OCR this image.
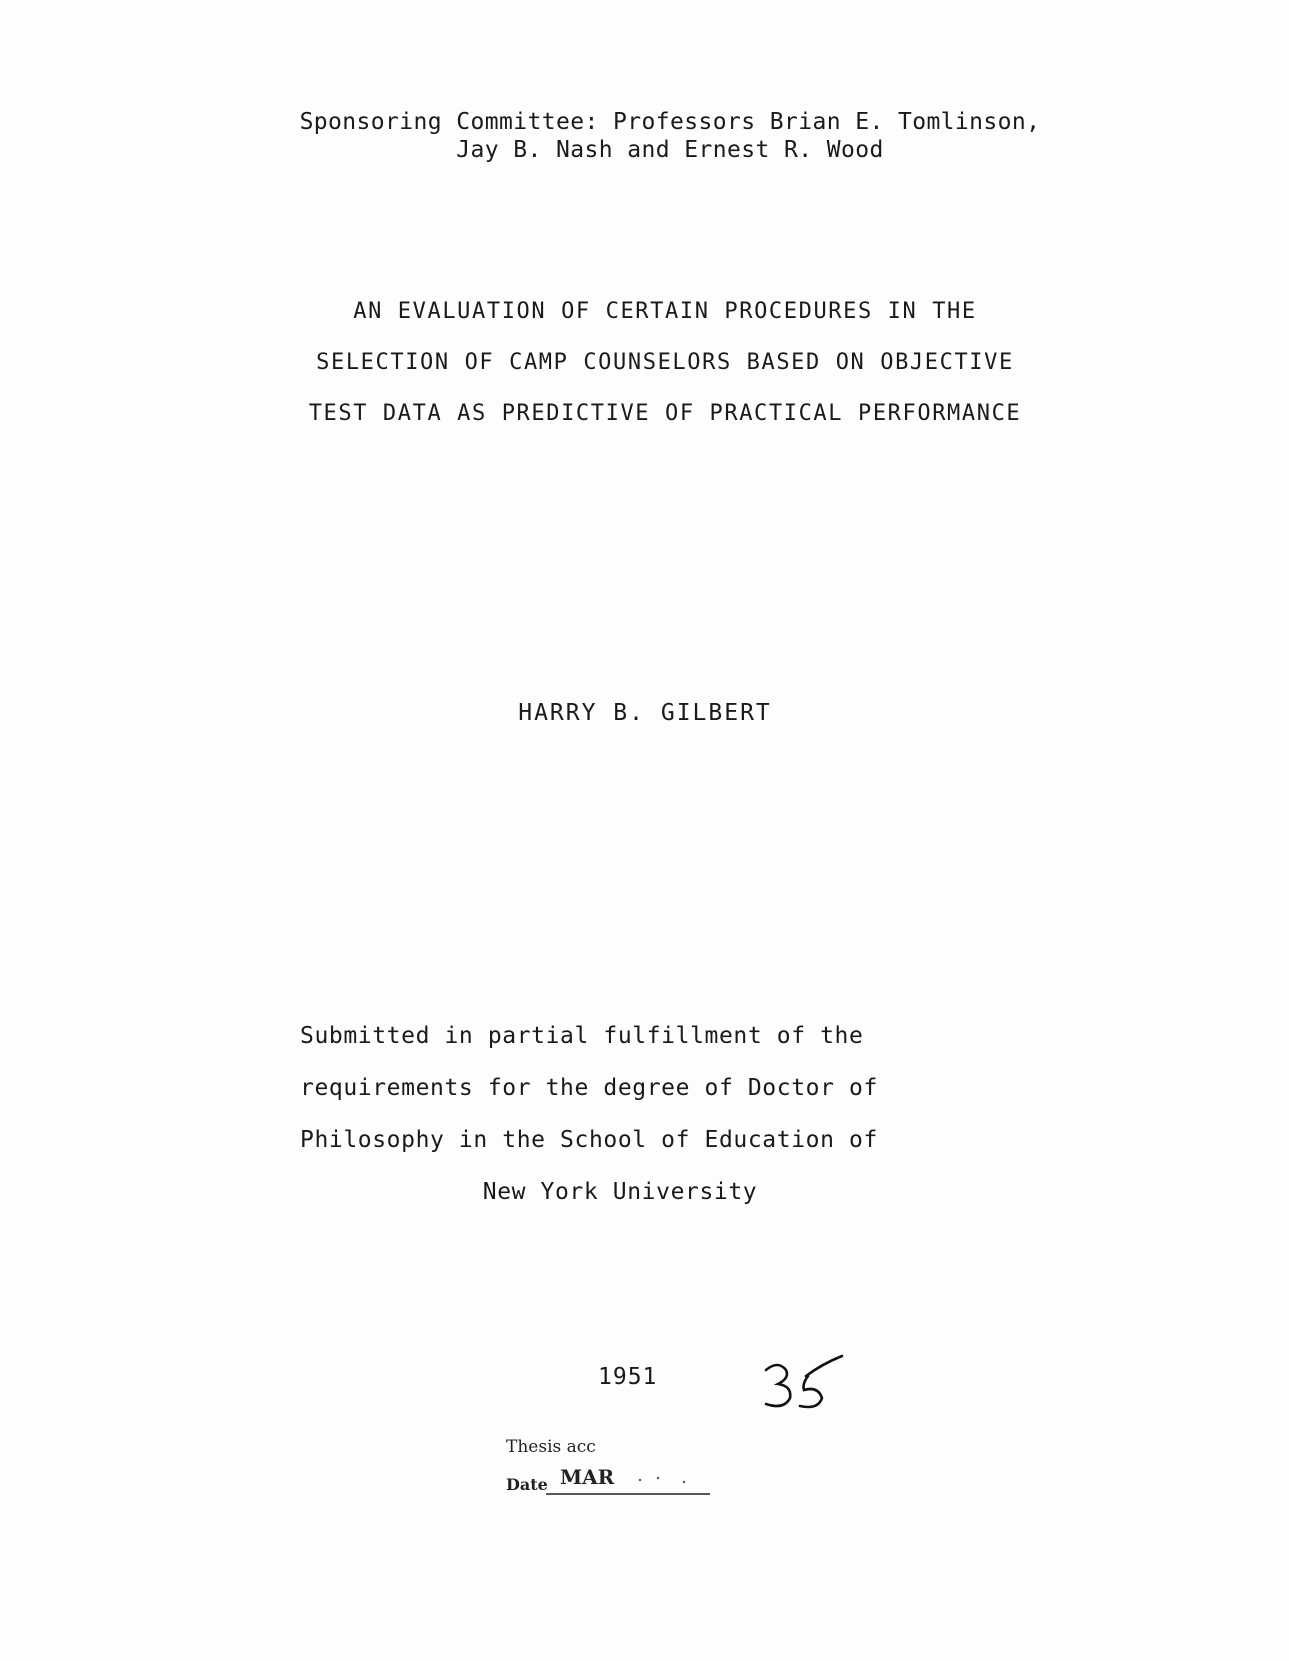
Sponsoring Committee: Professors Brian E. Tomlinson,
Jay B. Nash and Ernest R. Wood
AN EVALUATION OF CERTAIN PROCEDURES IN THE
SELECTION OF CAMP COUNSELORS BASED ON OBJECTIVE
TEST DATA AS PREDICTIVE OF PRACTICAL PERFORMANCE
HARRY B. GILBERT
Submitted in partial fulfillment of the
requirements for the degree of Doctor of
Philosophy in the School of Education of
New York University
1951
Thesis acc
Date MAR
